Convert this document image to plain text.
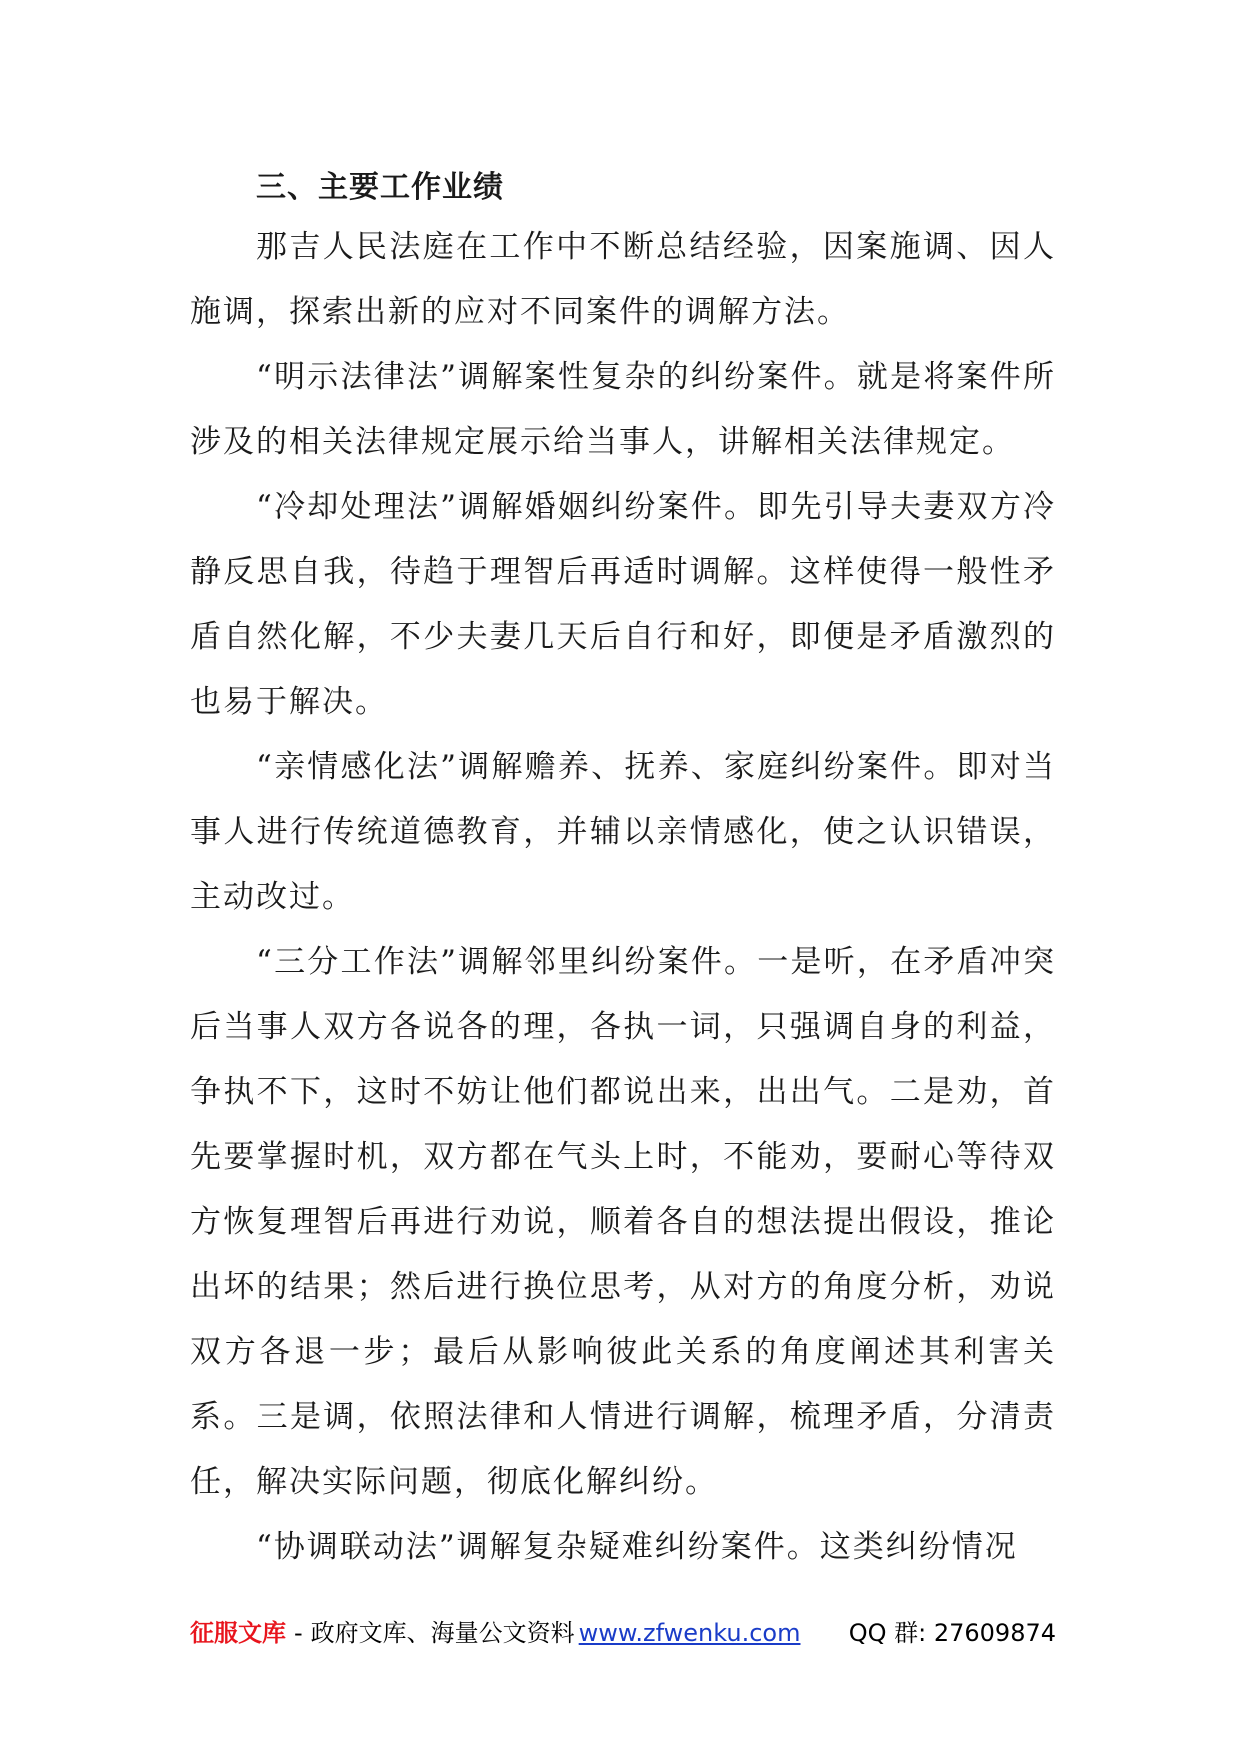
三、主要工作业绩

那吉人民法庭在工作中不断总结经验，因案施调、因人施调，探索出新的应对不同案件的调解方法。

“明示法律法”调解案性复杂的纠纷案件。就是将案件所涉及的相关法律规定展示给当事人，讲解相关法律规定。

“冷却处理法”调解婚姻纠纷案件。即先引导夫妻双方冷静反思自我，待趋于理智后再适时调解。这样使得一般性矛盾自然化解，不少夫妻几天后自行和好，即便是矛盾激烈的也易于解决。

“亲情感化法”调解赡养、抚养、家庭纠纷案件。即对当事人进行传统道德教育，并辅以亲情感化，使之认识错误，主动改过。

“三分工作法”调解邻里纠纷案件。一是听，在矛盾冲突后当事人双方各说各的理，各执一词，只强调自身的利益，争执不下，这时不妨让他们都说出来，出出气。二是劝，首先要掌握时机，双方都在气头上时，不能劝，要耐心等待双方恢复理智后再进行劝说，顺着各自的想法提出假设，推论出坏的结果；然后进行换位思考，从对方的角度分析，劝说双方各退一步；最后从影响彼此关系的角度阐述其利害关系。三是调，依照法律和人情进行调解，梳理矛盾，分清责任，解决实际问题，彻底化解纠纷。

“协调联动法”调解复杂疑难纠纷案件。这类纠纷情况

征服文库 - 政府文库、海量公文资料 www.zfwenku.com QQ 群: 27609874
